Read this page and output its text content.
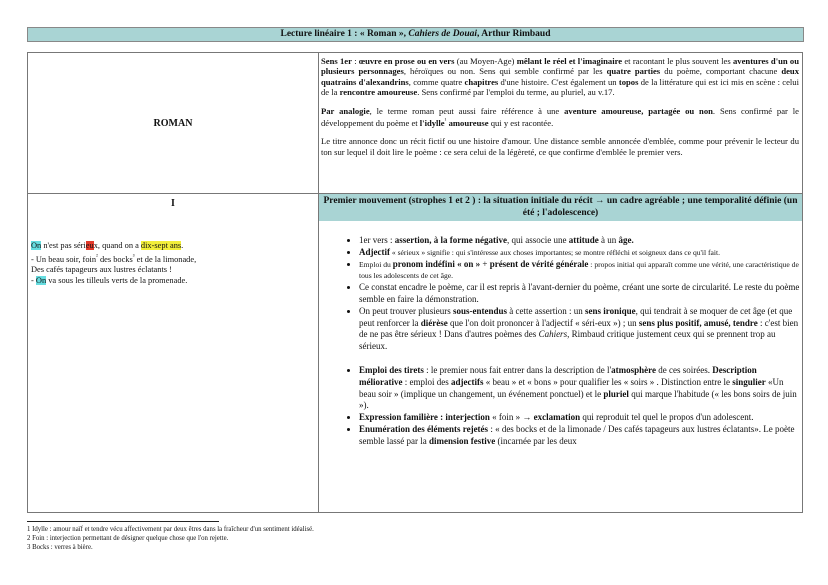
Lecture linéaire 1 : « Roman », Cahiers de Douai, Arthur Rimbaud
ROMAN

Sens 1er : œuvre en prose ou en vers (au Moyen-Age) mêlant le réel et l'imaginaire et racontant le plus souvent les aventures d'un ou plusieurs personnages, héroïques ou non. Sens qui semble confirmé par les quatre parties du poème, comportant chacune deux quatrains d'alexandrins, comme quatre chapitres d'une histoire. C'est également un topos de la littérature qui est ici mis en scène : celui de la rencontre amoureuse. Sens confirmé par l'emploi du terme, au pluriel, au v.17.

Par analogie, le terme roman peut aussi faire référence à une aventure amoureuse, partagée ou non. Sens confirmé par le développement du poème et l'idylle$^{^1}$ amoureuse qui y est racontée.

Le titre annonce donc un récit fictif ou une histoire d'amour. Une distance semble annoncée d'emblée, comme pour prévenir le lecteur du ton sur lequel il doit lire le poème : ce sera celui de la légèreté, ce que confirme d'emblée le premier vers.

I
On n'est pas sérieux, quand on a dix-sept ans.
- Un beau soir, foin$^{^2}$ des bocks$^{^3}$ et de la limonade,
Des cafés tapageurs aux lustres éclatants !
- On va sous les tilleuls verts de la promenade.
Premier mouvement (strophes 1 et 2 ) : la situation initiale du récit → un cadre agréable ; une temporalité définie (un été ; l'adolescence)
• 1er vers : assertion, à la forme négative, qui associe une attitude à un âge.
• Adjectif « sérieux » signifie : qui s'intéresse aux choses importantes; se montre réfléchi et soigneux dans ce qu'il fait.
• Emploi du pronom indéfini « on » + présent de vérité générale : propos initial qui apparaît comme une vérité, une caractéristique de tous les adolescents de cet âge.
• Ce constat encadre le poème, car il est repris à l'avant-dernier du poème, créant une sorte de circularité. Le reste du poème semble en faire la démonstration.
• On peut trouver plusieurs sous-entendus à cette assertion : un sens ironique, qui tendrait à se moquer de cet âge (et que peut renforcer la diérèse que l'on doit prononcer à l'adjectif « séri-eux ») ; un sens plus positif, amusé, tendre : c'est bien de ne pas être sérieux ! Dans d'autres poèmes des Cahiers, Rimbaud critique justement ceux qui se prennent trop au sérieux.
• Emploi des tirets : le premier nous fait entrer dans la description de l'atmosphère de ces soirées. Description méliorative : emploi des adjectifs « beau » et « bons » pour qualifier les « soirs » . Distinction entre le singulier «Un beau soir » (implique un changement, un événement ponctuel) et le pluriel qui marque l'habitude (« les bons soirs de juin »).
• Expression familière : interjection « foin » → exclamation qui reproduit tel quel le propos d'un adolescent.
• Enumération des éléments rejetés : « des bocks et de la limonade / Des cafés tapageurs aux lustres éclatants». Le poète semble lassé par la dimension festive (incarnée par les deux
1 Idylle : amour naïf et tendre vécu affectivement par deux êtres dans la fraîcheur d'un sentiment idéalisé.
2 Foin : interjection permettant de désigner quelque chose que l'on rejette.
3 Bocks : verres à bière.
